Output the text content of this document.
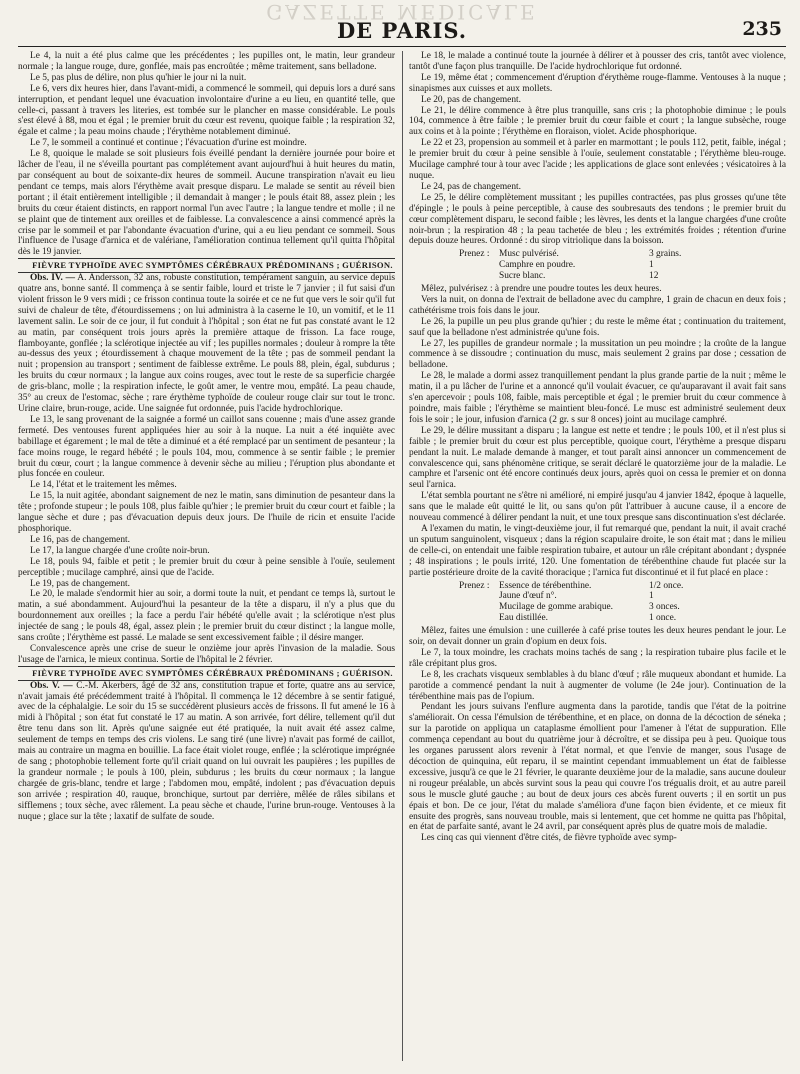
GAZETTE MÉDICALE
DE PARIS.	235

Le 4, la nuit a été plus calme que les précédentes ; les pupilles ont, le matin, leur grandeur normale ; la langue rouge, dure, gonflée, mais pas encroûtée ; même traitement, sans belladone.

Le 5, pas plus de délire, non plus qu'hier le jour ni la nuit.

Le 6, vers dix heures hier, dans l'avant-midi, a commencé le sommeil, qui depuis lors a duré sans interruption, et pendant lequel une évacuation involontaire d'urine a eu lieu, en quantité telle, que celle-ci, passant à travers les literies, est tombée sur le plancher en masse considérable. Le pouls s'est élevé à 88, mou et égal ; le premier bruit du cœur est revenu, quoique faible ; la respiration 32, égale et calme ; la peau moins chaude ; l'érythème notablement diminué.

Le 7, le sommeil a continué et continue ; l'évacuation d'urine est moindre.

Le 8, quoique le malade se soit plusieurs fois éveillé pendant la dernière journée pour boire et lâcher de l'eau, il ne s'éveilla pourtant pas complétement avant aujourd'hui à huit heures du matin, par conséquent au bout de soixante-dix heures de sommeil. Aucune transpiration n'avait eu lieu pendant ce temps, mais alors l'érythème avait presque disparu. Le malade se sentit au réveil bien portant ; il était entièrement intelligible ; il demandait à manger ; le pouls était 88, assez plein ; les bruits du cœur étaient distincts, en rapport normal l'un avec l'autre ; la langue tendre et molle ; il ne se plaint que de tintement aux oreilles et de faiblesse. La convalescence a ainsi commencé après la crise par le sommeil et par l'abondante évacuation d'urine, qui a eu lieu pendant ce sommeil. Sous l'influence de l'usage d'arnica et de valériane, l'amélioration continua tellement qu'il quitta l'hôpital dès le 19 janvier.

FIÈVRE TYPHOÏDE AVEC SYMPTÔMES CÉRÉBRAUX PRÉDOMINANS ; GUÉRISON.

Obs. IV. — A. Andersson, 32 ans, robuste constitution, tempérament sanguin, au service depuis quatre ans, bonne santé. Il commença à se sentir faible, lourd et triste le 7 janvier ; il fut saisi d'un violent frisson le 9 vers midi ; ce frisson continua toute la soirée et ce ne fut que vers le soir qu'il fut suivi de chaleur de tête, d'étourdissemens ; on lui administra à la caserne le 10, un vomitif, et le 11 lavement salin. Le soir de ce jour, il fut conduit à l'hôpital ; son état ne fut pas constaté avant le 12 au matin, par conséquent trois jours après la première attaque de frisson. La face rouge, flamboyante, gonflée ; la sclérotique injectée au vif ; les pupilles normales ; douleur à rompre la tête au-dessus des yeux ; étourdissement à chaque mouvement de la tête ; pas de sommeil pendant la nuit ; propension au transport ; sentiment de faiblesse extrême. Le pouls 88, plein, égal, subdurus ; les bruits du cœur normaux ; la langue aux coins rouges, avec tout le reste de sa superficie chargée de gris-blanc, molle ; la respiration infecte, le goût amer, le ventre mou, empâté. La peau chaude, 35° au creux de l'estomac, sèche ; rare érythème typhoïde de couleur rouge clair sur tout le tronc. Urine claire, brun-rouge, acide. Une saignée fut ordonnée, puis l'acide hydrochlorique.

Le 13, le sang provenant de la saignée a formé un caillot sans couenne ; mais d'une assez grande fermeté. Des ventouses furent appliquées hier au soir à la nuque. La nuit a été inquiète avec babillage et égarement ; le mal de tête a diminué et a été remplacé par un sentiment de pesanteur ; la face moins rouge, le regard hébété ; le pouls 104, mou, commence à se sentir faible ; le premier bruit du cœur, court ; la langue commence à devenir sèche au milieu ; l'éruption plus abondante et plus foncée en couleur.

Le 14, l'état et le traitement les mêmes.

Le 15, la nuit agitée, abondant saignement de nez le matin, sans diminution de pesanteur dans la tête ; profonde stupeur ; le pouls 108, plus faible qu'hier ; le premier bruit du cœur court et faible ; la langue sèche et dure ; pas d'évacuation depuis deux jours. De l'huile de ricin et ensuite l'acide phosphorique.

Le 16, pas de changement.

Le 17, la langue chargée d'une croûte noir-brun.

Le 18, pouls 94, faible et petit ; le premier bruit du cœur à peine sensible à l'ouïe, seulement perceptible ; mucilage camphré, ainsi que de l'acide.

Le 19, pas de changement.

Le 20, le malade s'endormit hier au soir, a dormi toute la nuit, et pendant ce temps là, surtout le matin, a sué abondamment. Aujourd'hui la pesanteur de la tête a disparu, il n'y a plus que du bourdonnement aux oreilles ; la face a perdu l'air hébété qu'elle avait ; la sclérotique n'est plus injectée de sang ; le pouls 48, égal, assez plein ; le premier bruit du cœur distinct ; la langue molle, sans croûte ; l'érythème est passé. Le malade se sent excessivement faible ; il désire manger.

Convalescence après une crise de sueur le onzième jour après l'invasion de la maladie. Sous l'usage de l'arnica, le mieux continua. Sortie de l'hôpital le 2 février.

FIÈVRE TYPHOÏDE AVEC SYMPTÔMES CÉRÉBRAUX PRÉDOMINANS ; GUÉRISON.

Obs. V. — C.-M. Akerbers, âgé de 32 ans, constitution trapue et forte, quatre ans au service, n'avait jamais été précédemment traité à l'hôpital. Il commença le 12 décembre à se sentir fatigué, avec de la céphalalgie. Le soir du 15 se succédèrent plusieurs accès de frissons. Il fut amené le 16 à midi à l'hôpital ; son état fut constaté le 17 au matin. A son arrivée, fort délire, tellement qu'il dut être tenu dans son lit. Après qu'une saignée eut été pratiquée, la nuit avait été assez calme, seulement de temps en temps des cris violens. Le sang tiré (une livre) n'avait pas formé de caillot, mais au contraire un magma en bouillie. La face était violet rouge, enflée ; la sclérotique imprégnée de sang ; photophobie tellement forte qu'il criait quand on lui ouvrait les paupières ; les pupilles de la grandeur normale ; le pouls à 100, plein, subdurus ; les bruits du cœur normaux ; la langue chargée de gris-blanc, tendre et large ; l'abdomen mou, empâté, indolent ; pas d'évacuation depuis son arrivée ; respiration 40, rauque, bronchique, surtout par derrière, mêlée de râles sibilans et sifflemens ; toux sèche, avec râlement. La peau sèche et chaude, l'urine brun-rouge. Ventouses à la nuque ; glace sur la tête ; laxatif de sulfate de soude.

Le 18, le malade a continué toute la journée à délirer et à pousser des cris, tantôt avec violence, tantôt d'une façon plus tranquille. De l'acide hydrochlorique fut ordonné.

Le 19, même état ; commencement d'éruption d'érythème rouge-flamme. Ventouses à la nuque ; sinapismes aux cuisses et aux mollets.

Le 20, pas de changement.

Le 21, le délire commence à être plus tranquille, sans cris ; la photophobie diminue ; le pouls 104, commence à être faible ; le premier bruit du cœur faible et court ; la langue subsèche, rouge aux coins et à la pointe ; l'érythème en floraison, violet. Acide phosphorique.

Le 22 et 23, propension au sommeil et à parler en marmottant ; le pouls 112, petit, faible, inégal ; le premier bruit du cœur à peine sensible à l'ouïe, seulement constatable ; l'érythème bleu-rouge. Mucilage camphré tour à tour avec l'acide ; les applications de glace sont enlevées ; vésicatoires à la nuque.

Le 24, pas de changement.

Le 25, le délire complètement mussitant ; les pupilles contractées, pas plus grosses qu'une tête d'épingle ; le pouls à peine perceptible, à cause des soubresauts des tendons ; le premier bruit du cœur complètement disparu, le second faible ; les lèvres, les dents et la langue chargées d'une croûte noir-brun ; la respiration 48 ; la peau tachetée de bleu ; les extrémités froides ; rétention d'urine depuis douze heures. Ordonné : du sirop vitriolique dans la boisson.

Prenez :	Musc pulvérisé.	3 grains.
Camphre en poudre.	1
Sucre blanc.	12

Mêlez, pulvérisez : à prendre une poudre toutes les deux heures.

Vers la nuit, on donna de l'extrait de belladone avec du camphre, 1 grain de chacun en deux fois ; cathétérisme trois fois dans le jour.

Le 26, la pupille un peu plus grande qu'hier ; du reste le même état ; continuation du traitement, sauf que la belladone n'est administrée qu'une fois.

Le 27, les pupilles de grandeur normale ; la mussitation un peu moindre ; la croûte de la langue commence à se dissoudre ; continuation du musc, mais seulement 2 grains par dose ; cessation de belladone.

Le 28, le malade a dormi assez tranquillement pendant la plus grande partie de la nuit ; même le matin, il a pu lâcher de l'urine et a annoncé qu'il voulait évacuer, ce qu'auparavant il avait fait sans s'en apercevoir ; pouls 108, faible, mais perceptible et égal ; le premier bruit du cœur commence à poindre, mais faible ; l'érythème se maintient bleu-foncé. Le musc est administré seulement deux fois le soir ; le jour, infusion d'arnica (2 gr. s sur 8 onces) joint au mucilage camphré.

Le 29, le délire mussitant a disparu ; la langue est nette et tendre ; le pouls 100, et il n'est plus si faible ; le premier bruit du cœur est plus perceptible, quoique court, l'érythème a presque disparu pendant la nuit. Le malade demande à manger, et tout paraît ainsi annoncer un commencement de convalescence qui, sans phénomène critique, se serait déclaré le quatorzième jour de la maladie. Le camphre et l'arsenic ont été encore continués deux jours, après quoi on cessa le premier et on donna seul l'arnica.

L'état sembla pourtant ne s'être ni amélioré, ni empiré jusqu'au 4 janvier 1842, époque à laquelle, sans que le malade eût quitté le lit, ou sans qu'on pût l'attribuer à aucune cause, il a encore de nouveau commencé à délirer pendant la nuit, et une toux presque sans discontinuation s'est déclarée.

A l'examen du matin, le vingt-deuxième jour, il fut remarqué que, pendant la nuit, il avait craché un sputum sanguinolent, visqueux ; dans la région scapulaire droite, le son était mat ; dans le milieu de celle-ci, on entendait une faible respiration tubaire, et autour un râle crépitant abondant ; dyspnée ; 48 inspirations ; le pouls irrité, 120. Une fomentation de térébenthine chaude fut placée sur la partie postérieure droite de la cavité thoracique ; l'arnica fut discontinué et il fut placé en place :

Prenez :	Essence de térébenthine.	1/2 once.
Jaune d'œuf n°.	1
Mucilage de gomme arabique.	3 onces.
Eau distillée.	1 once.

Mêlez, faites une émulsion : une cuillerée à café prise toutes les deux heures pendant le jour. Le soir, on devait donner un grain d'opium en deux fois.

Le 7, la toux moindre, les crachats moins tachés de sang ; la respiration tubaire plus facile et le râle crépitant plus gros.

Le 8, les crachats visqueux semblables à du blanc d'œuf ; râle muqueux abondant et humide. La parotide a commencé pendant la nuit à augmenter de volume (le 24e jour). Continuation de la térébenthine mais pas de l'opium.

Pendant les jours suivans l'enflure augmenta dans la parotide, tandis que l'état de la poitrine s'améliorait. On cessa l'émulsion de térébenthine, et en place, on donna de la décoction de séneka ; sur la parotide on appliqua un cataplasme émollient pour l'amener à l'état de suppuration. Elle commença cependant au bout du quatrième jour à décroître, et se dissipa peu à peu. Quoique tous les organes parussent alors revenir à l'état normal, et que l'envie de manger, sous l'usage de décoction de quinquina, eût reparu, il se maintint cependant immuablement un état de faiblesse excessive, jusqu'à ce que le 21 février, le quarante deuxième jour de la maladie, sans aucune douleur ni rougeur préalable, un abcès survint sous la peau qui couvre l'os trégualis droit, et au autre pareil sous le muscle gluté gauche ; au bout de deux jours ces abcès furent ouverts ; il en sortit un pus épais et bon. De ce jour, l'état du malade s'améliora d'une façon bien évidente, et ce mieux fit ensuite des progrès, sans nouveau trouble, mais si lentement, que cet homme ne quitta pas l'hôpital, en état de parfaite santé, avant le 24 avril, par conséquent après plus de quatre mois de maladie.

Les cinq cas qui viennent d'être cités, de fièvre typhoïde avec symp-
